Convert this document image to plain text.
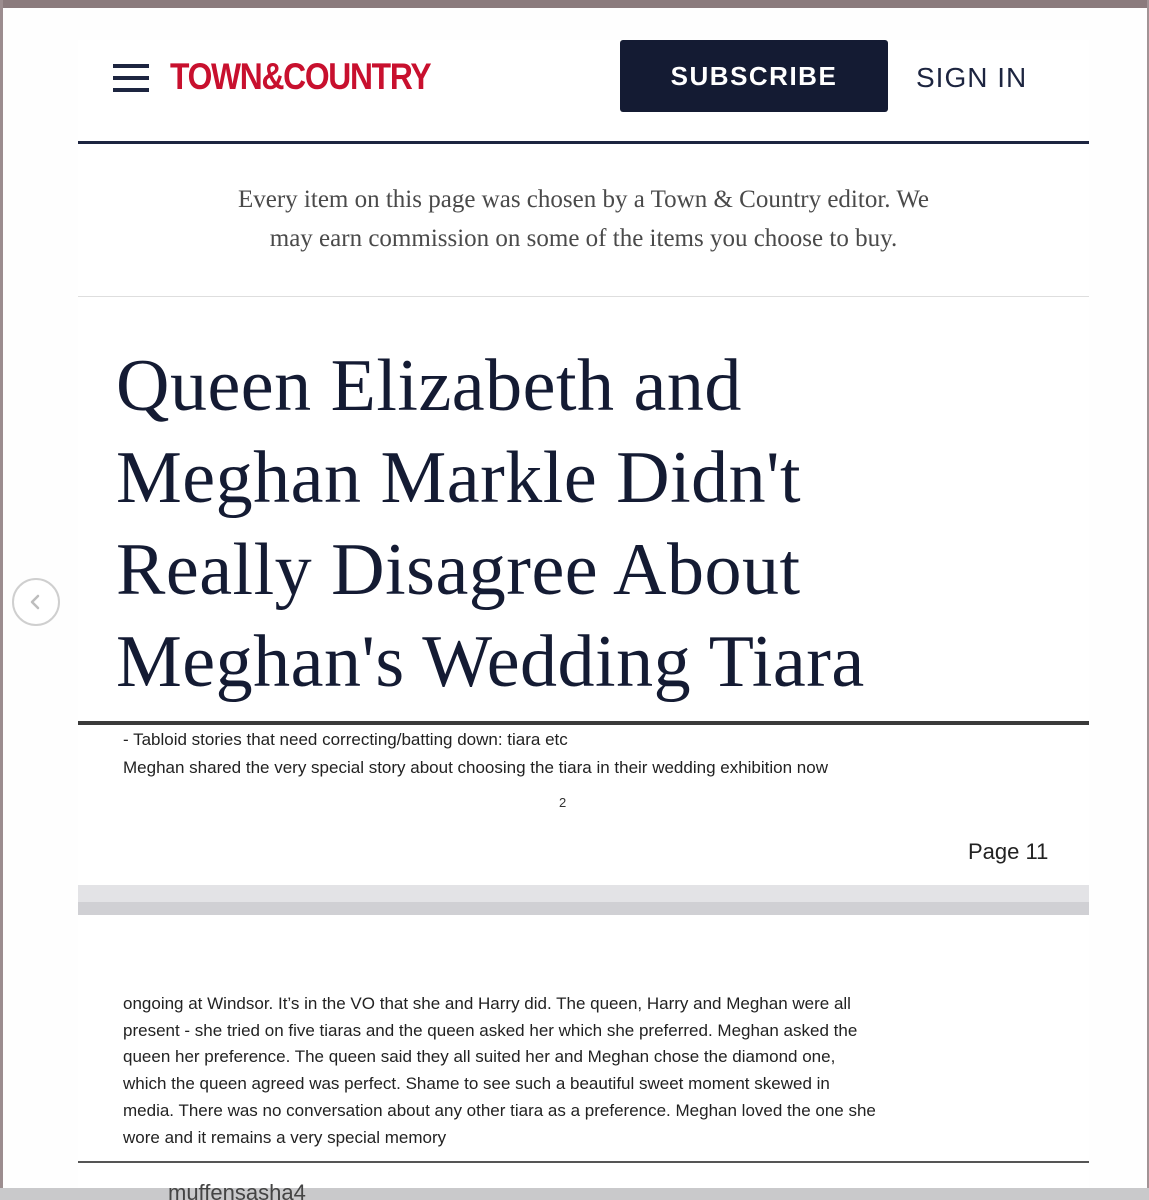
TOWN&COUNTRY	SUBSCRIBE	SIGN IN
Every item on this page was chosen by a Town & Country editor. We
may earn commission on some of the items you choose to buy.
Queen Elizabeth and
Meghan Markle Didn't
Really Disagree About
Meghan's Wedding Tiara
- Tabloid stories that need correcting/batting down: tiara etc
Meghan shared the very special story about choosing the tiara in their wedding exhibition now
2
Page 11
ongoing at Windsor. It’s in the VO that she and Harry did. The queen, Harry and Meghan were all
present - she tried on five tiaras and the queen asked her which she preferred. Meghan asked the
queen her preference. The queen said they all suited her and Meghan chose the diamond one,
which the queen agreed was perfect. Shame to see such a beautiful sweet moment skewed in
media. There was no conversation about any other tiara as a preference. Meghan loved the one she
wore and it remains a very special memory
muffensasha4
